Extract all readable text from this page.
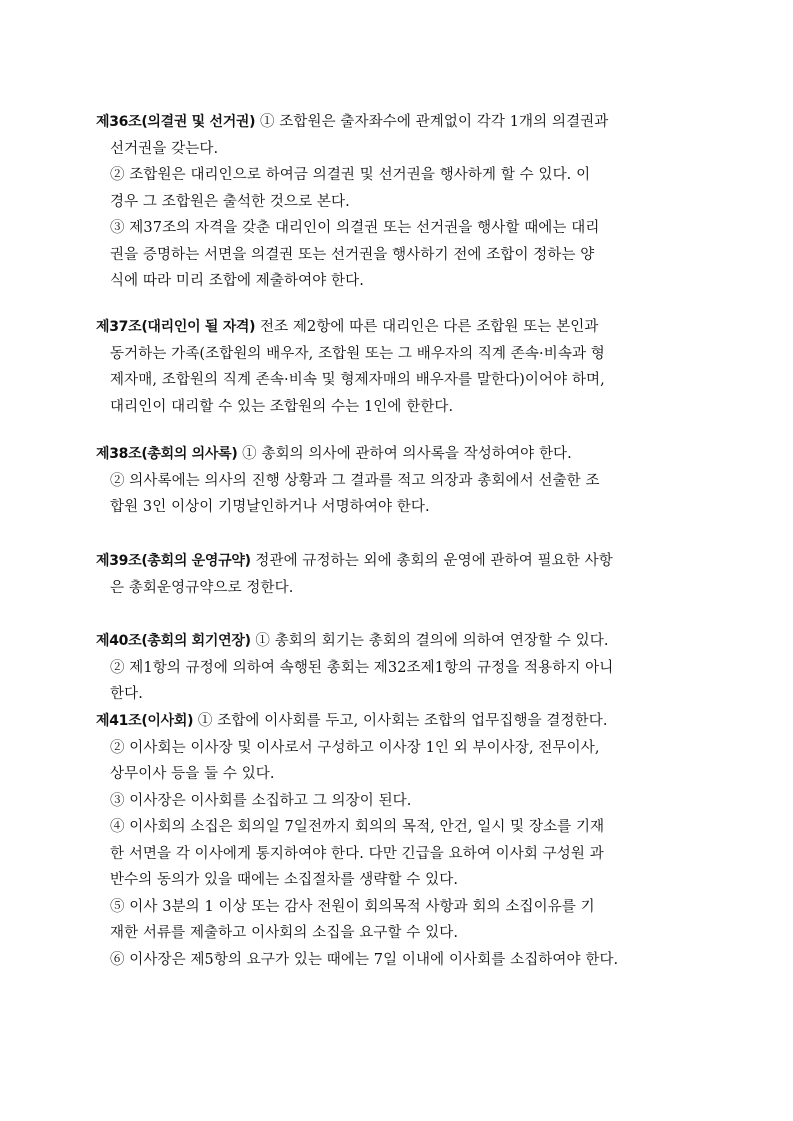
제36조(의결권 및 선거권) ① 조합원은 출자좌수에 관계없이 각각 1개의 의결권과
선거권을 갖는다.
② 조합원은 대리인으로 하여금 의결권 및 선거권을 행사하게 할 수 있다. 이
경우 그 조합원은 출석한 것으로 본다.
③ 제37조의 자격을 갖춘 대리인이 의결권 또는 선거권을 행사할 때에는 대리
권을 증명하는 서면을 의결권 또는 선거권을 행사하기 전에 조합이 정하는 양
식에 따라 미리 조합에 제출하여야 한다.
제37조(대리인이 될 자격) 전조 제2항에 따른 대리인은 다른 조합원 또는 본인과
동거하는 가족(조합원의 배우자, 조합원 또는 그 배우자의 직계 존속·비속과 형
제자매, 조합원의 직계 존속·비속 및 형제자매의 배우자를 말한다)이어야 하며,
대리인이 대리할 수 있는 조합원의 수는 1인에 한한다.
제38조(총회의 의사록) ① 총회의 의사에 관하여 의사록을 작성하여야 한다.
② 의사록에는 의사의 진행 상황과 그 결과를 적고 의장과 총회에서 선출한 조
합원 3인 이상이 기명날인하거나 서명하여야 한다.
제39조(총회의 운영규약) 정관에 규정하는 외에 총회의 운영에 관하여 필요한 사항
은 총회운영규약으로 정한다.
제40조(총회의 회기연장) ① 총회의 회기는 총회의 결의에 의하여 연장할 수 있다.
② 제1항의 규정에 의하여 속행된 총회는 제32조제1항의 규정을 적용하지 아니
한다.
제41조(이사회) ① 조합에 이사회를 두고, 이사회는 조합의 업무집행을 결정한다.
② 이사회는 이사장 및 이사로서 구성하고 이사장 1인 외 부이사장, 전무이사,
상무이사 등을 둘 수 있다.
③ 이사장은 이사회를 소집하고 그 의장이 된다.
④ 이사회의 소집은 회의일 7일전까지 회의의 목적, 안건, 일시 및 장소를 기재
한 서면을 각 이사에게 통지하여야 한다. 다만 긴급을 요하여 이사회 구성원 과
반수의 동의가 있을 때에는 소집절차를 생략할 수 있다.
⑤ 이사 3분의 1 이상 또는 감사 전원이 회의목적 사항과 회의 소집이유를 기
재한 서류를 제출하고 이사회의 소집을 요구할 수 있다.
⑥ 이사장은 제5항의 요구가 있는 때에는 7일 이내에 이사회를 소집하여야 한다.
